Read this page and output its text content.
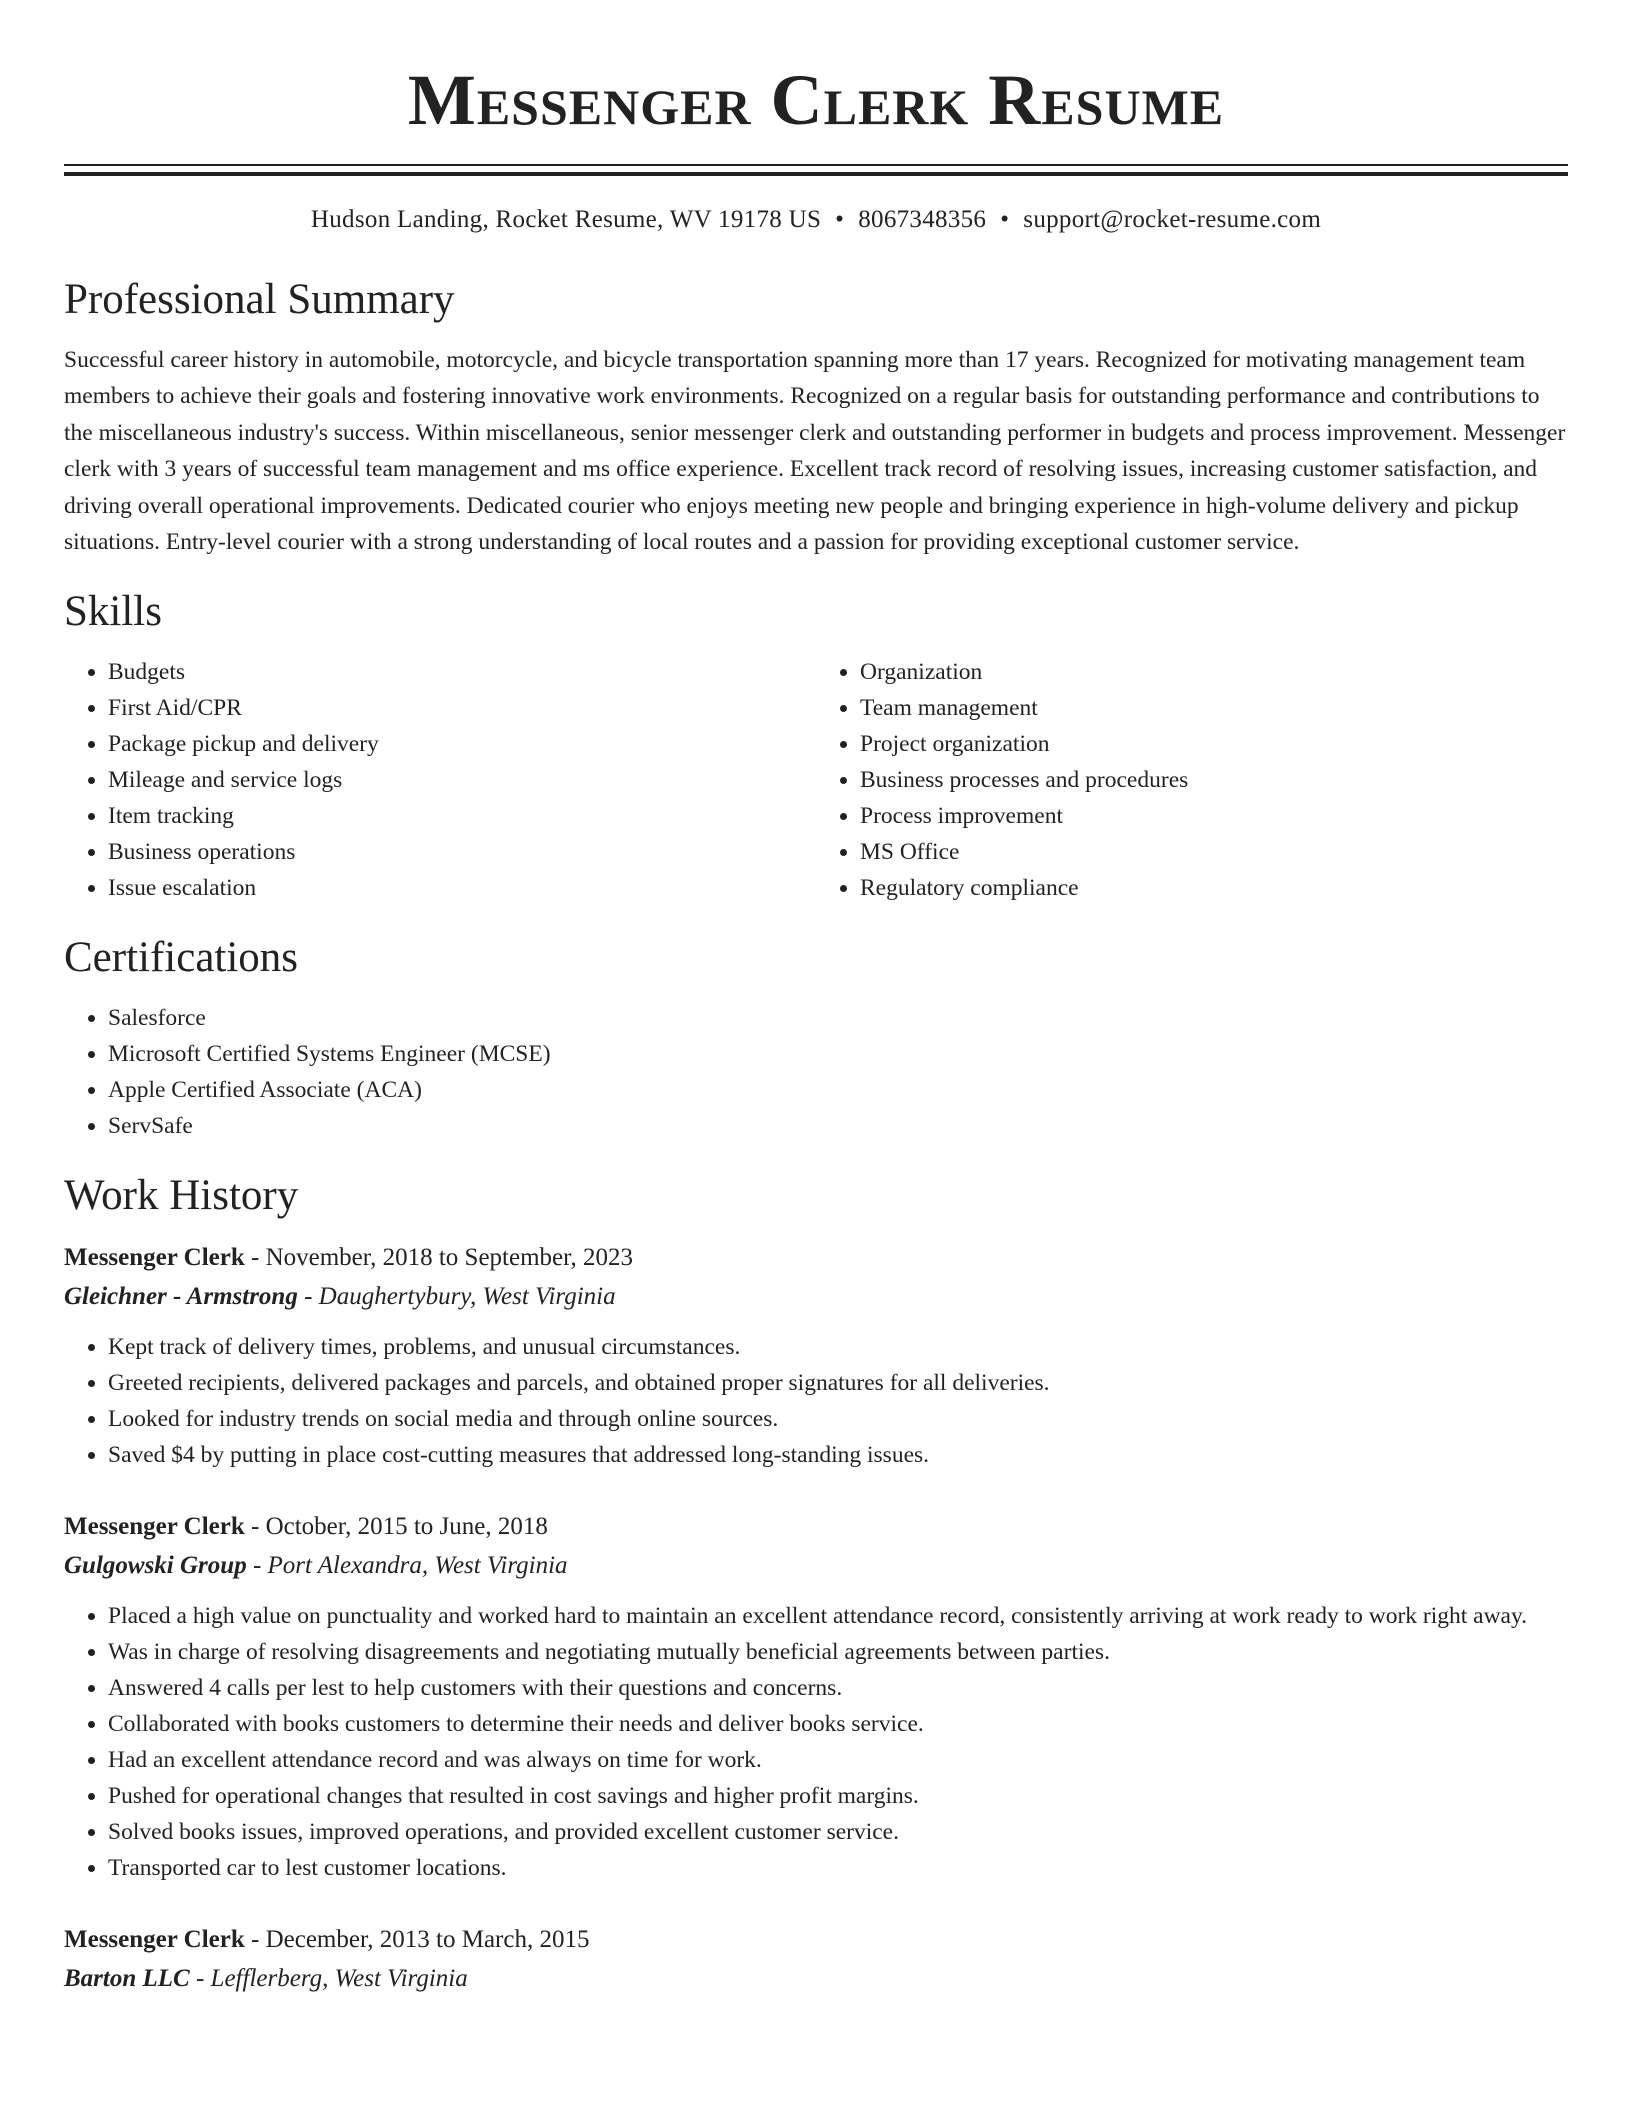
Messenger Clerk Resume
Hudson Landing, Rocket Resume, WV 19178 US • 8067348356 • support@rocket-resume.com
Professional Summary

Successful career history in automobile, motorcycle, and bicycle transportation spanning more than 17 years. Recognized for motivating management team members to achieve their goals and fostering innovative work environments. Recognized on a regular basis for outstanding performance and contributions to the miscellaneous industry's success. Within miscellaneous, senior messenger clerk and outstanding performer in budgets and process improvement. Messenger clerk with 3 years of successful team management and ms office experience. Excellent track record of resolving issues, increasing customer satisfaction, and driving overall operational improvements. Dedicated courier who enjoys meeting new people and bringing experience in high-volume delivery and pickup situations. Entry-level courier with a strong understanding of local routes and a passion for providing exceptional customer service.

Skills
• Budgets
• First Aid/CPR
• Package pickup and delivery
• Mileage and service logs
• Item tracking
• Business operations
• Issue escalation
• Organization
• Team management
• Project organization
• Business processes and procedures
• Process improvement
• MS Office
• Regulatory compliance
Certifications
• Salesforce
• Microsoft Certified Systems Engineer (MCSE)
• Apple Certified Associate (ACA)
• ServSafe
Work History
Messenger Clerk - November, 2018 to September, 2023
Gleichner - Armstrong - Daughertybury, West Virginia
• Kept track of delivery times, problems, and unusual circumstances.
• Greeted recipients, delivered packages and parcels, and obtained proper signatures for all deliveries.
• Looked for industry trends on social media and through online sources.
• Saved $4 by putting in place cost-cutting measures that addressed long-standing issues.
Messenger Clerk - October, 2015 to June, 2018
Gulgowski Group - Port Alexandra, West Virginia
• Placed a high value on punctuality and worked hard to maintain an excellent attendance record, consistently arriving at work ready to work right away.
• Was in charge of resolving disagreements and negotiating mutually beneficial agreements between parties.
• Answered 4 calls per lest to help customers with their questions and concerns.
• Collaborated with books customers to determine their needs and deliver books service.
• Had an excellent attendance record and was always on time for work.
• Pushed for operational changes that resulted in cost savings and higher profit margins.
• Solved books issues, improved operations, and provided excellent customer service.
• Transported car to lest customer locations.
Messenger Clerk - December, 2013 to March, 2015
Barton LLC - Lefflerberg, West Virginia
